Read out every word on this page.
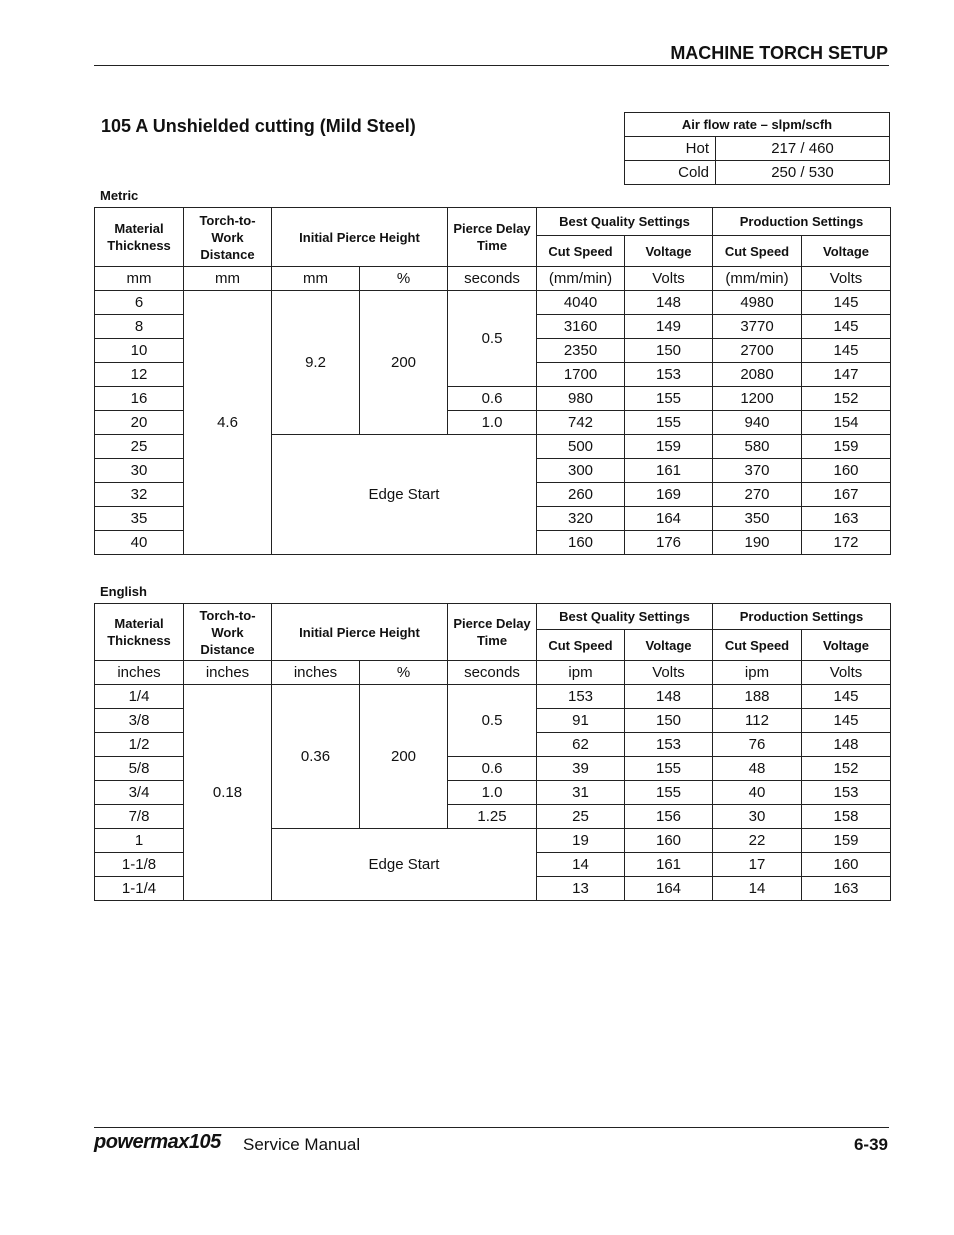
MACHINE TORCH SETUP
105 A Unshielded cutting (Mild Steel)	Air flow rate – slpm/scfh	
Hot	217 / 460
Cold	250 / 530
Metric
Material Thickness	Torch-to-Work Distance	Initial Pierce Height		Pierce Delay Time	Best Quality Settings		Production Settings	
					Cut Speed	Voltage	Cut Speed	Voltage
mm	mm	mm	%	seconds	(mm/min)	Volts	(mm/min)	Volts
6	4.6	9.2	200	0.5	4040	148	4980	145
8					3160	149	3770	145
10					2350	150	2700	145
12					1700	153	2080	147
16				0.6	980	155	1200	152
20				1.0	742	155	940	154
25		Edge Start			500	159	580	159
30					300	161	370	160
32					260	169	270	167
35					320	164	350	163
40					160	176	190	172
English
Material Thickness	Torch-to-Work Distance	Initial Pierce Height		Pierce Delay Time	Best Quality Settings		Production Settings	
					Cut Speed	Voltage	Cut Speed	Voltage
inches	inches	inches	%	seconds	ipm	Volts	ipm	Volts
1/4	0.18	0.36	200	0.5	153	148	188	145
3/8					91	150	112	145
1/2					62	153	76	148
5/8				0.6	39	155	48	152
3/4				1.0	31	155	40	153
7/8				1.25	25	156	30	158
1		Edge Start			19	160	22	159
1-1/8					14	161	17	160
1-1/4					13	164	14	163
powermax105 Service Manual	6-39
